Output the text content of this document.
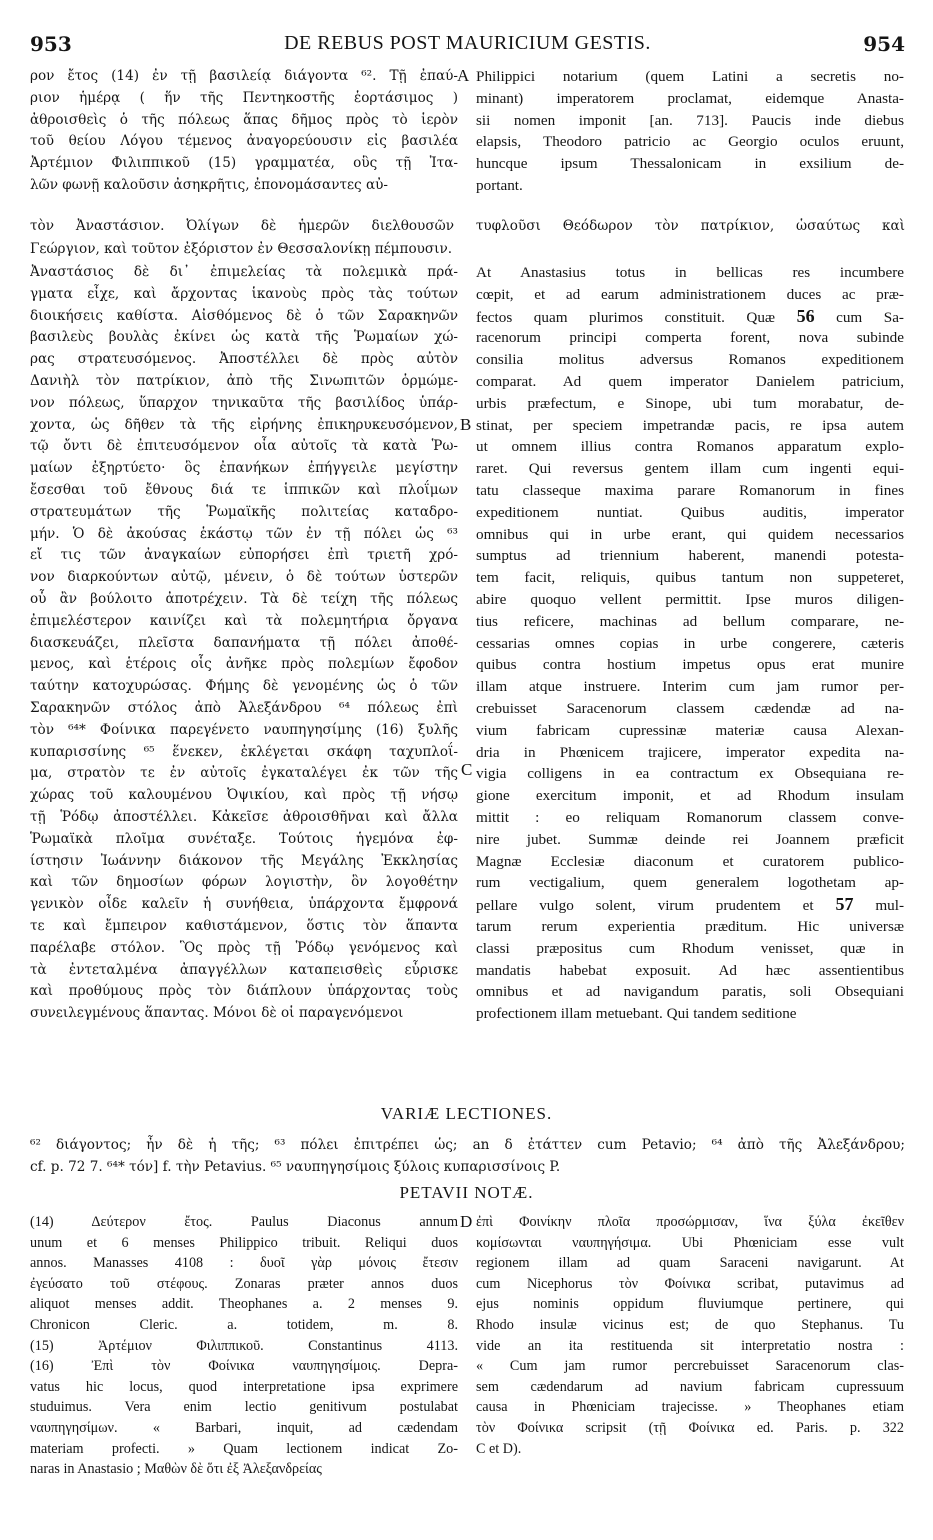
953	DE REBUS POST MAURICIUM GESTIS.	954
ρον ἔτος (14) ἐν τῇ βασιλείᾳ διάγοντα ⁶². Τῇ ἐπαύ-
ριον ἡμέρᾳ ( ἥν τῆς Πεντηκοστῆς ἑορτάσιμος )
ἀθροισθεὶς ὁ τῆς πόλεως ἅπας δῆμος πρὸς τὸ ἱερὸν
τοῦ θείου Λόγου τέμενος ἀναγορεύουσιν εἰς βασιλέα
Ἀρτέμιον Φιλιππικοῦ (15) γραμματέα, οὓς τῇ Ἰτα-
λῶν φωνῇ καλοῦσιν ἀσηκρῆτις, ἐπονομάσαντες αὐ-
Philippici notarium (quem Latini a secretis no-
minant) imperatorem proclamat, eidemque Anasta-
sii nomen imponit [an. 713]. Paucis inde diebus
elapsis, Theodoro patricio ac Georgio oculos eruunt,
huncque ipsum Thessalonicam in exsilium de-
portant.
τὸν Ἀναστάσιον. Ὀλίγων δὲ ἡμερῶν διελθουσῶν τυφλοῦσι Θεόδωρον τὸν πατρίκιον, ὡσαύτως καὶ
Γεώργιον, καὶ τοῦτον ἐξόριστον ἐν Θεσσαλονίκῃ πέμπουσιν.
Ἀναστάσιος δὲ δι᾽ ἐπιμελείας τὰ πολεμικὰ πρά-
γματα εἶχε, καὶ ἄρχοντας ἱκανοὺς πρὸς τὰς τούτων
διοικήσεις καθίστα. Αἰσθόμενος δὲ ὁ τῶν Σαρακηνῶν
βασιλεὺς βουλὰς ἐκίνει ὡς κατὰ τῆς Ῥωμαίων χώ-
ρας στρατευσόμενος. Ἀποστέλλει δὲ πρὸς αὐτὸν
Δανιὴλ τὸν πατρίκιον, ἀπὸ τῆς Σινωπιτῶν ὁρμώμε-
νον πόλεως, ὕπαρχον τηνικαῦτα τῆς βασιλίδος ὑπάρ-
χοντα, ὡς δῆθεν τὰ τῆς εἰρήνης ἐπικηρυκευσόμενον,
τῷ ὄντι δὲ ἐπιτευσόμενον οἷα αὐτοῖς τὰ κατὰ Ῥω-
μαίων ἐξηρτύετο· ὃς ἐπανήκων ἐπήγγειλε μεγίστην
ἔσεσθαι τοῦ ἔθνους διά τε ἱππικῶν καὶ πλοΐμων
στρατευμάτων τῆς Ῥωμαϊκῆς πολιτείας καταδρο-
μήν. Ὁ δὲ ἀκούσας ἑκάστῳ τῶν ἐν τῇ πόλει ὡς ⁶³
εἴ τις τῶν ἀναγκαίων εὐπορήσει ἐπὶ τριετῆ χρό-
νον διαρκούντων αὐτῷ, μένειν, ὁ δὲ τούτων ὑστερῶν
οὗ ἂν βούλοιτο ἀποτρέχειν. Τὰ δὲ τείχη τῆς πόλεως
ἐπιμελέστερον καινίζει καὶ τὰ πολεμητήρια ὄργανα
διασκευάζει, πλεῖστα δαπανήματα τῇ πόλει ἀποθέ-
μενος, καὶ ἑτέροις οἷς ἀνῆκε πρὸς πολεμίων ἔφοδον
ταύτην κατοχυρώσας. Φήμης δὲ γενομένης ὡς ὁ τῶν
Σαρακηνῶν στόλος ἀπὸ Ἀλεξάνδρου ⁶⁴ πόλεως ἐπὶ
τὸν ⁶⁴* Φοίνικα παρεγένετο ναυπηγησίμης (16) ξυλῆς
κυπαρισσίνης ⁶⁵ ἕνεκεν, ἐκλέγεται σκάφη ταχυπλοΐ-
μα, στρατὸν τε ἐν αὐτοῖς ἐγκαταλέγει ἐκ τῶν τῆς
χώρας τοῦ καλουμένου Ὀψικίου, καὶ πρὸς τῇ νήσῳ
τῇ Ῥόδῳ ἀποστέλλει. Κἀκεῖσε ἀθροισθῆναι καὶ ἄλλα
Ῥωμαϊκὰ πλοῖμα συνέταξε. Τούτοις ἡγεμόνα ἐφ-
ίστησιν Ἰωάννην διάκονον τῆς Μεγάλης Ἐκκλησίας
καὶ τῶν δημοσίων φόρων λογιστὴν, ὃν λογοθέτην
γενικὸν οἶδε καλεῖν ἡ συνήθεια, ὑπάρχοντα ἔμφρονά
τε καὶ ἔμπειρον καθιστάμενον, ὅστις τὸν ἅπαντα
παρέλαβε στόλον. Ὃς πρὸς τῇ Ῥόδῳ γενόμενος καὶ
τὰ ἐντεταλμένα ἀπαγγέλλων καταπεισθεὶς εὗρισκε
καὶ προθύμους πρὸς τὸν διάπλουν ὑπάρχοντας τοὺς
συνειλεγμένους ἅπαντας. Μόνοι δὲ οἱ παραγενόμενοι
At Anastasius totus in bellicas res incumbere
cœpit, et ad earum administrationem duces ac præ-
fectos quam plurimos constituit. Quæ 56 cum Sa-
racenorum principi comperta forent, nova subinde
consilia molitus adversus Romanos expeditionem
comparat. Ad quem imperator Danielem patricium,
urbis præfectum, e Sinope, ubi tum morabatur, de-
stinat, per speciem impetrandæ pacis, re ipsa autem
ut omnem illius contra Romanos apparatum explo-
raret. Qui reversus gentem illam cum ingenti equi-
tatu classeque maxima parare Romanorum in fines
expeditionem nuntiat. Quibus auditis, imperator
omnibus qui in urbe erant, qui quidem necessarios
sumptus ad triennium haberent, manendi potesta-
tem facit, reliquis, quibus tantum non suppeteret,
abire quoquo vellent permittit. Ipse muros diligen-
tius reficere, machinas ad bellum comparare, ne-
cessarias omnes copias in urbe congerere, cæteris
quibus contra hostium impetus opus erat munire
illam atque instruere. Interim cum jam rumor per-
crebuisset Saracenorum classem cædendæ ad na-
vium fabricam cupressinæ materiæ causa Alexan-
dria in Phœnicem trajicere, imperator expedita na-
vigia colligens in ea contractum ex Obsequiana re-
gione exercitum imponit, et ad Rhodum insulam
mittit : eo reliquam Romanorum classem conve-
nire jubet. Summæ deinde rei Joannem præficit
Magnæ Ecclesiæ diaconum et curatorem publico-
rum vectigalium, quem generalem logothetam ap-
pellare vulgo solent, virum prudentem et 57 mul-
tarum rerum experientia præditum. Hic universæ
classi præpositus cum Rhodum venisset, quæ in
mandatis habebat exposuit. Ad hæc assentientibus
omnibus et ad navigandum paratis, soli Obsequiani
profectionem illam metuebant. Qui tandem seditione
A
B
C
D
VARIÆ LECTIONES.
⁶² διάγοντος; ἦν δὲ ἡ τῆς; ⁶³ πόλει ἐπιτρέπει ὡς; an δ ἐτάττεν cum Petavio; ⁶⁴ ἀπὸ τῆς Ἀλεξάνδρου;
cf. p. 72 7. ⁶⁴* τόν] f. τὴν Petavius. ⁶⁵ ναυπηγησίμοις ξύλοις κυπαρισσίνοις P.
PETAVII NOTÆ.
(14) Δεύτερον ἔτος. Paulus Diaconus annum
unum et 6 menses Philippico tribuit. Reliqui duos
annos. Manasses 4108 : δυοῖ γὰρ μόνοις ἔτεσιν
ἐγεύσατο τοῦ στέφους. Zonaras præter annos duos
aliquot menses addit. Theophanes a. 2 menses 9.
Chronicon Cleric. a. totidem, m. 8.
(15) Ἀρτέμιον Φιλιππικοῦ. Constantinus 4113.
(16) Ἐπὶ τὸν Φοίνικα ναυπηγησίμοις. Depra-
vatus hic locus, quod interpretatione ipsa exprimere
studuimus. Vera enim lectio genitivum postulabat
ναυπηγησίμων. « Barbari, inquit, ad cædendam
materiam profecti. » Quam lectionem indicat Zo-
naras in Anastasio ; Μαθὼν δὲ ὅτι ἐξ Ἀλεξανδρείας
ἐπὶ Φοινίκην πλοῖα προσώρμισαν, ἵνα ξύλα ἐκεῖθεν
κομίσωνται ναυπηγήσιμα. Ubi Phœniciam esse vult
regionem illam ad quam Saraceni navigarunt. At
cum Nicephorus τὸν Φοίνικα scribat, putavimus ad
ejus nominis oppidum fluviumque pertinere, qui
Rhodo insulæ vicinus est; de quo Stephanus. Tu
vide an ita restituenda sit interpretatio nostra :
« Cum jam rumor percrebuisset Saracenorum clas-
sem cædendarum ad navium fabricam cupressuum
causa in Phœniciam trajecisse. » Theophanes etiam
τὸν Φοίνικα scripsit (τῇ Φοίνικα ed. Paris. p. 322
C et D).
